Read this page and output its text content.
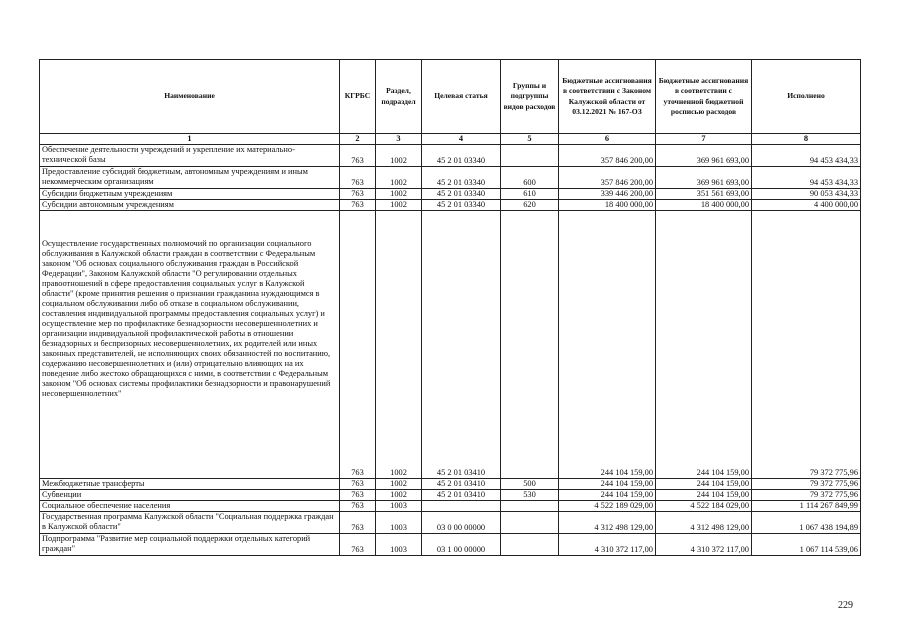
Наименование	КГРБС	Раздел, подраздел	Целевая статья	Группы и подгруппы видов расходов	Бюджетные ассигнования в соответствии с Законом Калужской области от 03.12.2021 № 167-ОЗ	Бюджетные ассигнования в соответствии с уточненной бюджетной росписью расходов	Исполнено
1	2	3	4	5	6	7	8
Обеспечение деятельности учреждений и укрепление их материально-технической базы	763	1002	45 2 01 03340		357 846 200,00	369 961 693,00	94 453 434,33
Предоставление субсидий бюджетным, автономным учреждениям и иным некоммерческим организациям	763	1002	45 2 01 03340	600	357 846 200,00	369 961 693,00	94 453 434,33
Субсидии бюджетным учреждениям	763	1002	45 2 01 03340	610	339 446 200,00	351 561 693,00	90 053 434,33
Субсидии автономным учреждениям	763	1002	45 2 01 03340	620	18 400 000,00	18 400 000,00	4 400 000,00
Осуществление государственных полномочий по организации социального обслуживания в Калужской области граждан в соответствии с Федеральным законом "Об основах социального обслуживания граждан в Российской Федерации", Законом Калужской области "О регулировании отдельных правоотношений в сфере предоставления социальных услуг в Калужской области" (кроме принятия решения о признании гражданина нуждающимся в социальном обслуживании либо об отказе в социальном обслуживании, составления индивидуальной программы предоставления социальных услуг) и осуществление мер по профилактике безнадзорности несовершеннолетних и организации индивидуальной профилактической работы в отношении безнадзорных и беспризорных несовершеннолетних, их родителей или иных законных представителей, не исполняющих своих обязанностей по воспитанию, содержанию несовершеннолетних и (или) отрицательно влияющих на их поведение либо жестоко обращающихся с ними, в соответствии с Федеральным законом "Об основах системы профилактики безнадзорности и правонарушений несовершеннолетних"	763	1002	45 2 01 03410		244 104 159,00	244 104 159,00	79 372 775,96
Межбюджетные трансферты	763	1002	45 2 01 03410	500	244 104 159,00	244 104 159,00	79 372 775,96
Субвенции	763	1002	45 2 01 03410	530	244 104 159,00	244 104 159,00	79 372 775,96
Социальное обеспечение населения	763	1003			4 522 189 029,00	4 522 184 029,00	1 114 267 849,99
Государственная программа Калужской области "Социальная поддержка граждан в Калужской области"	763	1003	03 0 00 00000		4 312 498 129,00	4 312 498 129,00	1 067 438 194,89
Подпрограмма "Развитие мер социальной поддержки отдельных категорий граждан"	763	1003	03 1 00 00000		4 310 372 117,00	4 310 372 117,00	1 067 114 539,06
229
